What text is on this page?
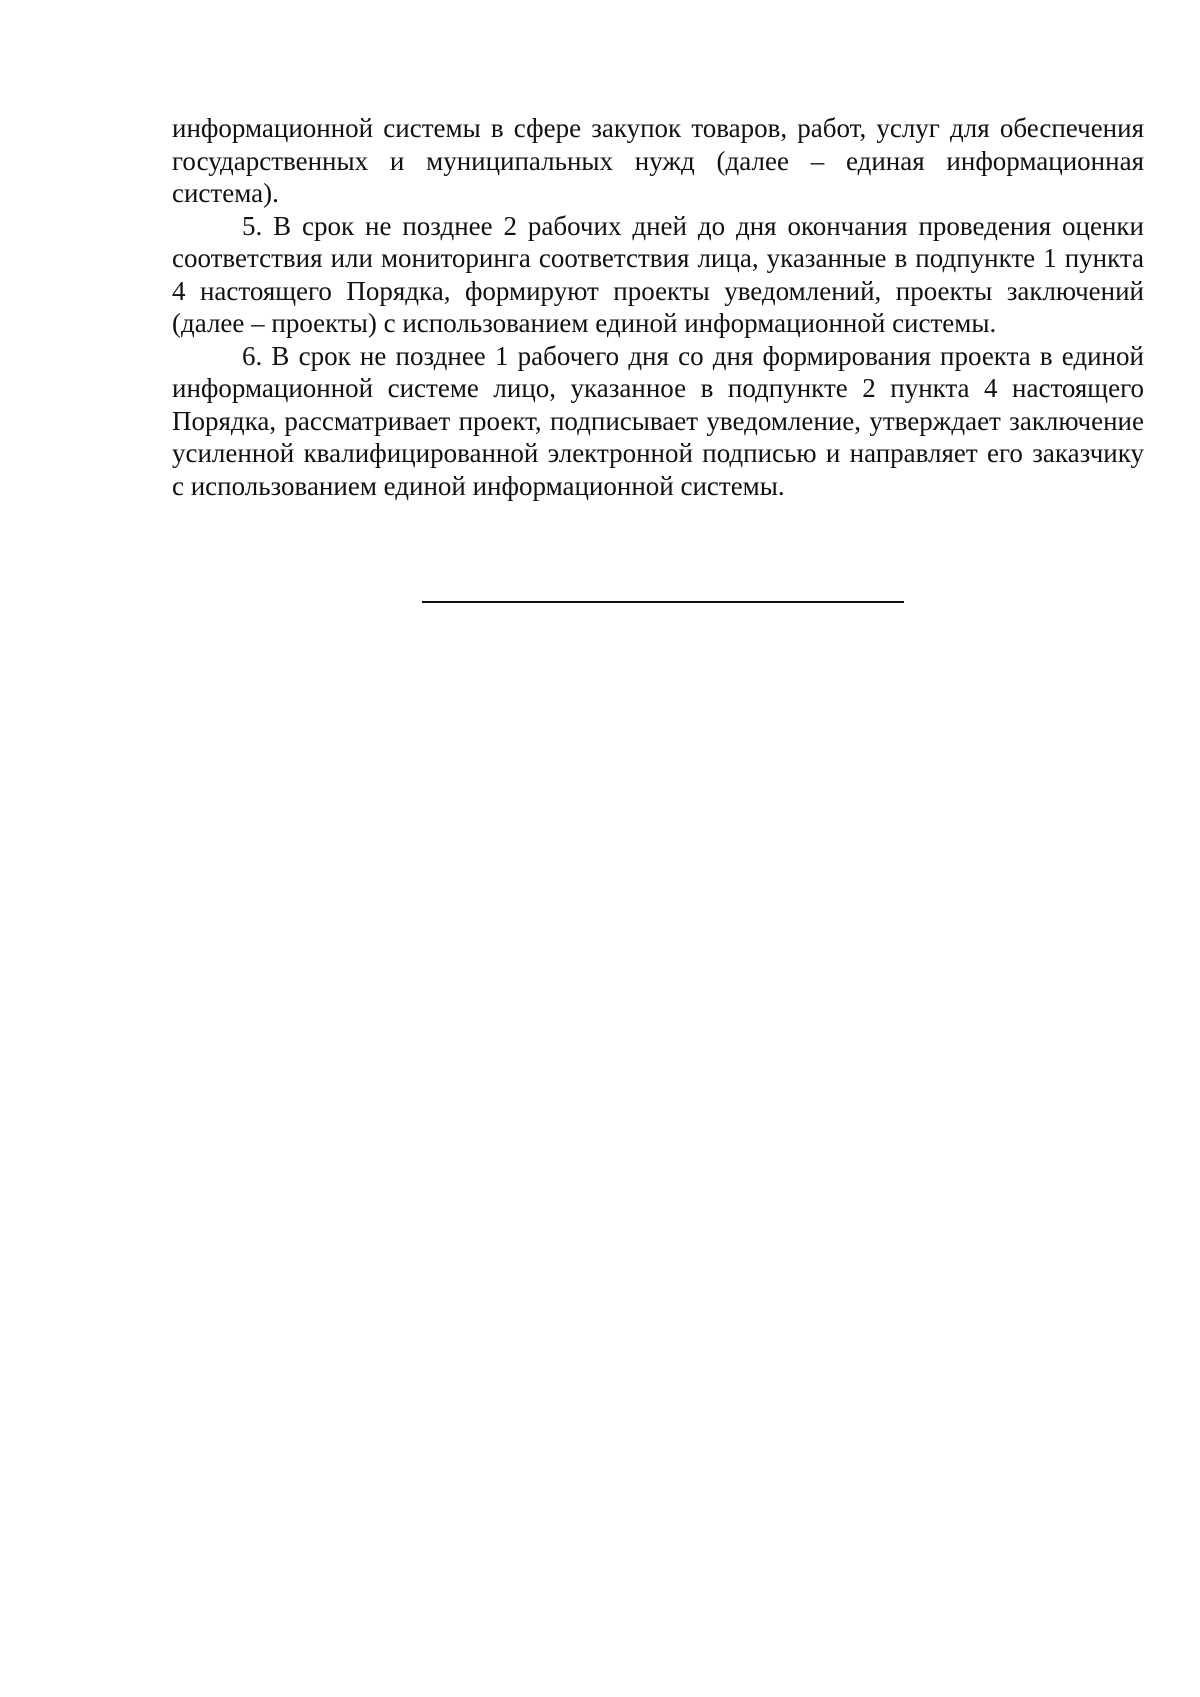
информационной системы в сфере закупок товаров, работ, услуг для обеспечения государственных и муниципальных нужд (далее – единая информационная система).

5. В срок не позднее 2 рабочих дней до дня окончания проведения оценки соответствия или мониторинга соответствия лица, указанные в подпункте 1 пункта 4 настоящего Порядка, формируют проекты уведомлений, проекты заключений (далее – проекты) с использованием единой информационной системы.

6. В срок не позднее 1 рабочего дня со дня формирования проекта в единой информационной системе лицо, указанное в подпункте 2 пункта 4 настоящего Порядка, рассматривает проект, подписывает уведомление, утверждает заключение усиленной квалифицированной электронной подписью и направляет его заказчику с использованием единой информационной системы.
